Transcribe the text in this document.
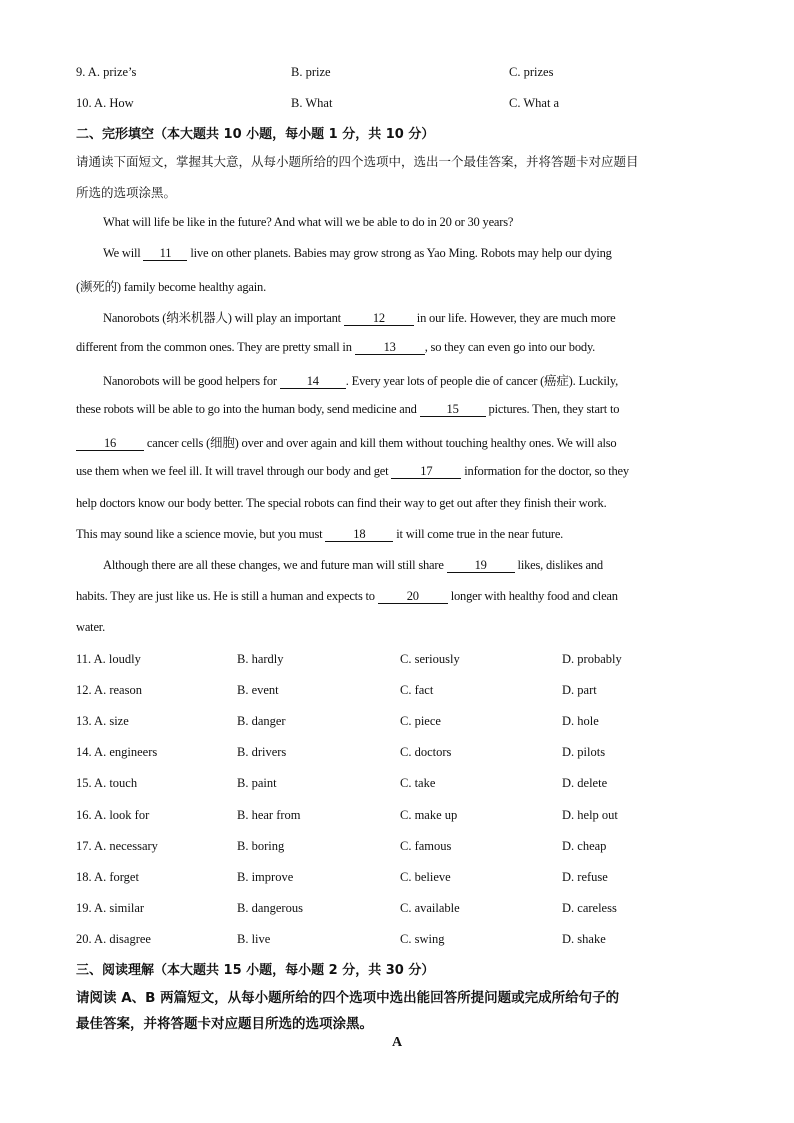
9. A. prize’s	B. prize	C. prizes
10. A. How	B. What	C. What a
二、完形填空（本大题共 10 小题，每小题 1 分，共 10 分）
请通读下面短文，掌握其大意，从每小题所给的四个选项中，选出一个最佳答案，并将答题卡对应题目
所选的选项涂黑。
What will life be like in the future? And what will we be able to do in 20 or 30 years?
We will 11 live on other planets. Babies may grow strong as Yao Ming. Robots may help our dying
(濒死的) family become healthy again.
Nanorobots (纳米机器人) will play an important 12 in our life. However, they are much more
different from the common ones. They are pretty small in 13 , so they can even go into our body.
Nanorobots will be good helpers for 14 . Every year lots of people die of cancer (癌症). Luckily,
these robots will be able to go into the human body, send medicine and 15 pictures. Then, they start to
16 cancer cells (细胞) over and over again and kill them without touching healthy ones. We will also
use them when we feel ill. It will travel through our body and get 17 information for the doctor, so they
help doctors know our body better. The special robots can find their way to get out after they finish their work.
This may sound like a science movie, but you must 18 it will come true in the near future.
Although there are all these changes, we and future man will still share 19 likes, dislikes and
habits. They are just like us. He is still a human and expects to 20 longer with healthy food and clean
water.
11. A. loudly	B. hardly	C. seriously	D. probably
12. A. reason	B. event	C. fact	D. part
13. A. size	B. danger	C. piece	D. hole
14. A. engineers	B. drivers	C. doctors	D. pilots
15. A. touch	B. paint	C. take	D. delete
16. A. look for	B. hear from	C. make up	D. help out
17. A. necessary	B. boring	C. famous	D. cheap
18. A. forget	B. improve	C. believe	D. refuse
19. A. similar	B. dangerous	C. available	D. careless
20. A. disagree	B. live	C. swing	D. shake
三、阅读理解（本大题共 15 小题，每小题 2 分，共 30 分）
请阅读 A、B 两篇短文，从每小题所给的四个选项中选出能回答所提问题或完成所给句子的
最佳答案，并将答题卡对应题目所选的选项涂黑。
A
